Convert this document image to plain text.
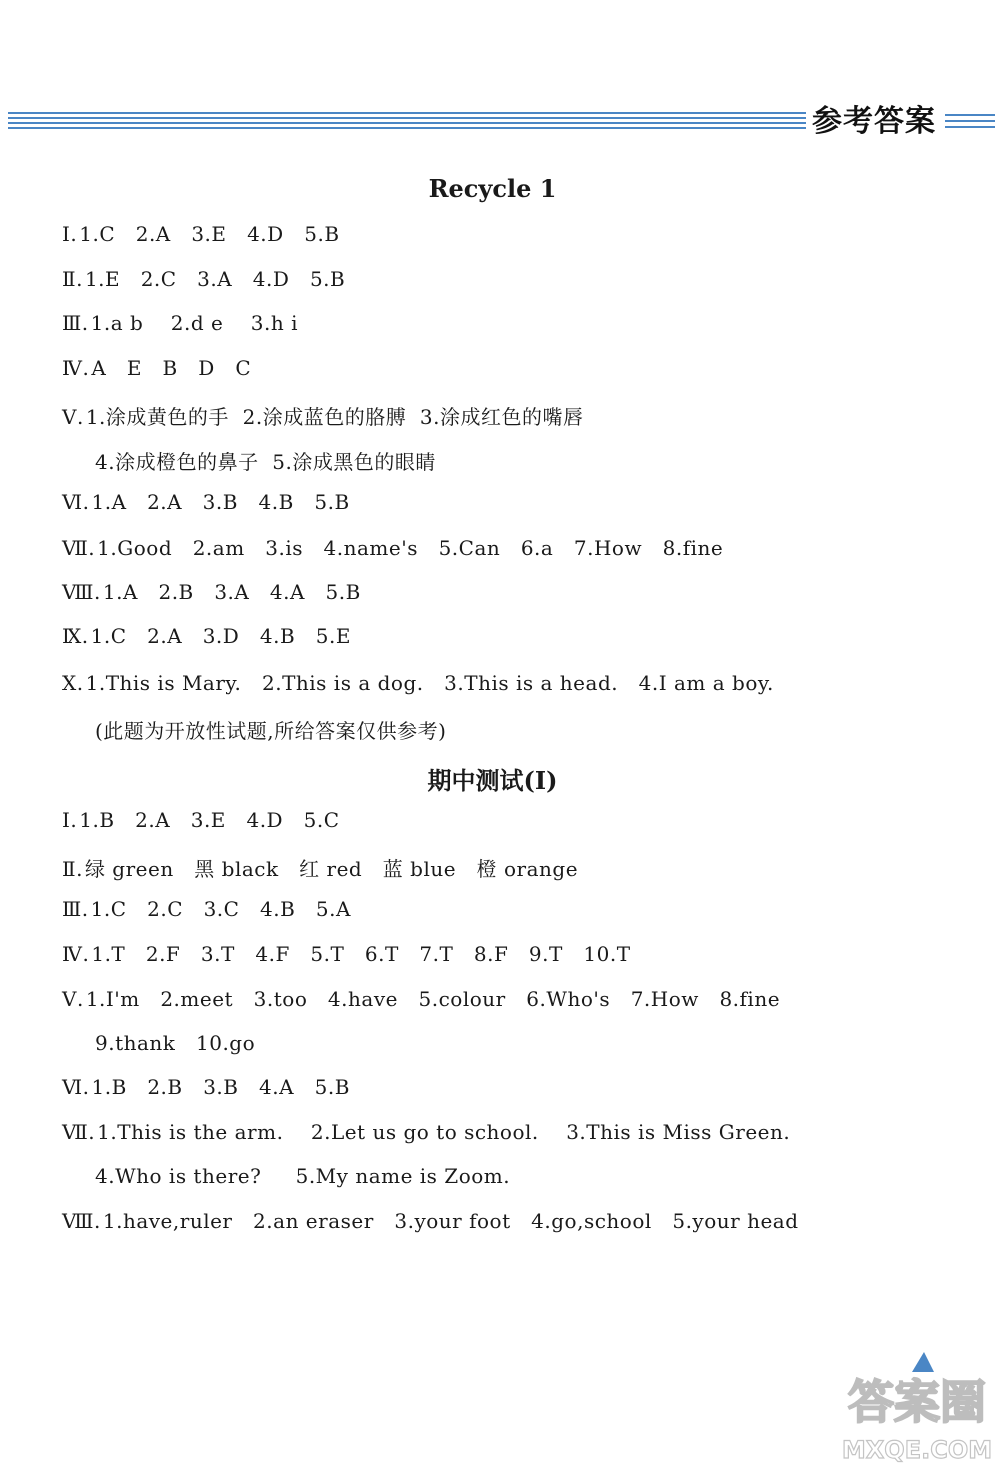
参考答案
Recycle 1
Ⅰ. 1.C   2.A   3.E   4.D   5.B
Ⅱ. 1.E   2.C   3.A   4.D   5.B
Ⅲ. 1.a b    2.d e    3.h i
Ⅳ. A   E   B   D   C
Ⅴ. 1.涂成黄色的手  2.涂成蓝色的胳膊  3.涂成红色的嘴唇
4.涂成橙色的鼻子  5.涂成黑色的眼睛
Ⅵ. 1.A   2.A   3.B   4.B   5.B
Ⅶ. 1.Good   2.am   3.is   4.name's   5.Can   6.a   7.How   8.fine
Ⅷ. 1.A   2.B   3.A   4.A   5.B
Ⅸ. 1.C   2.A   3.D   4.B   5.E
Ⅹ. 1.This is Mary.   2.This is a dog.   3.This is a head.   4.I am a boy.
(此题为开放性试题,所给答案仅供参考)
期中测试(Ⅰ)
Ⅰ. 1.B   2.A   3.E   4.D   5.C
Ⅱ. 绿 green   黑 black   红 red   蓝 blue   橙 orange
Ⅲ. 1.C   2.C   3.C   4.B   5.A
Ⅳ. 1.T   2.F   3.T   4.F   5.T   6.T   7.T   8.F   9.T   10.T
Ⅴ. 1.I'm   2.meet   3.too   4.have   5.colour   6.Who's   7.How   8.fine
9.thank   10.go
Ⅵ. 1.B   2.B   3.B   4.A   5.B
Ⅶ. 1.This is the arm.    2.Let us go to school.    3.This is Miss Green.
4.Who is there?     5.My name is Zoom.
Ⅷ. 1.have,ruler   2.an eraser   3.your foot   4.go,school   5.your head
答案圈
MXQE.COM
